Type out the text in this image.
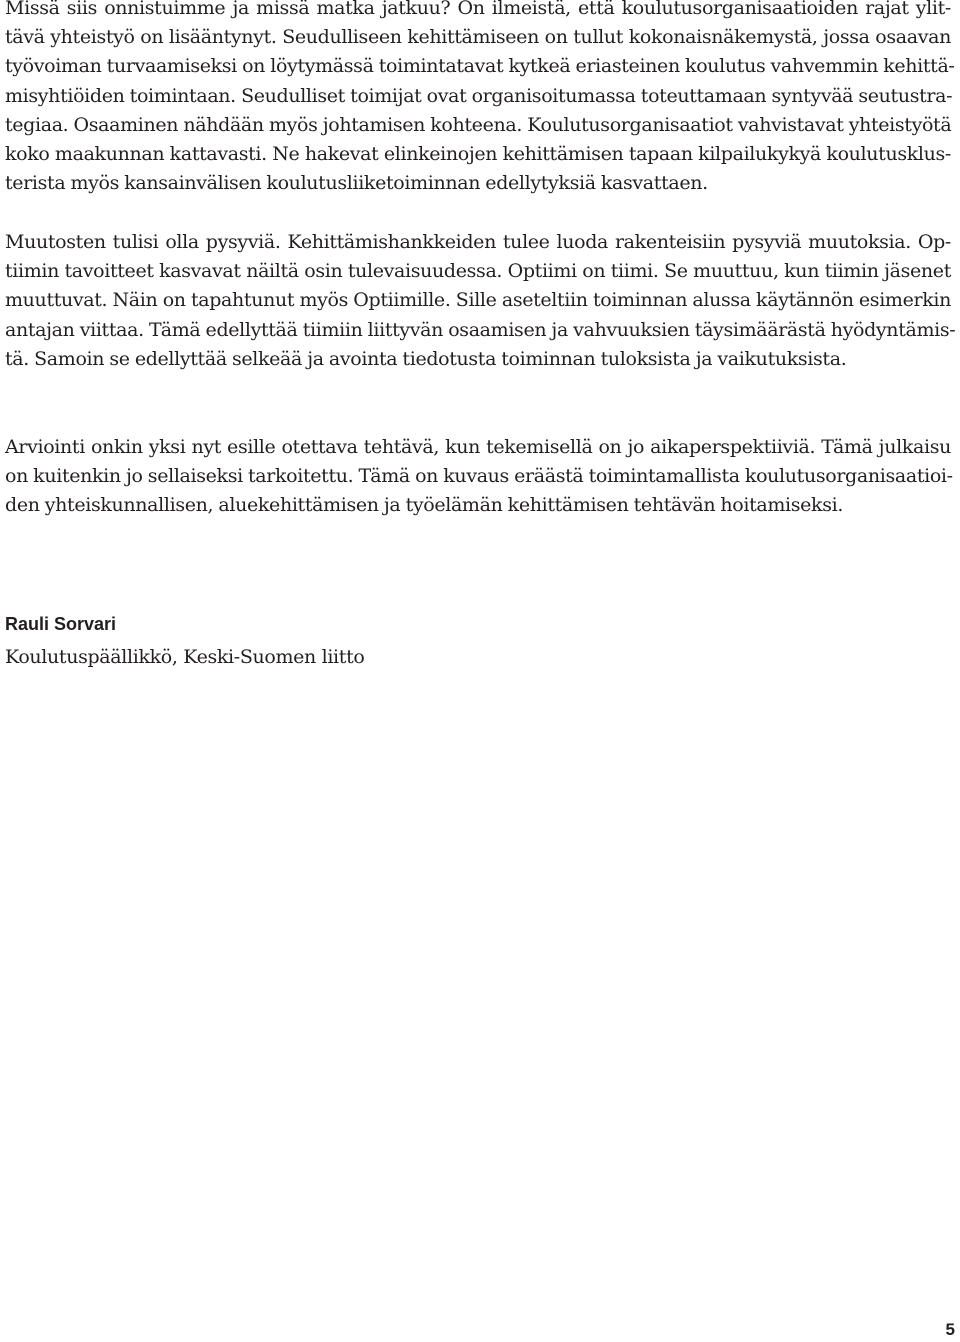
Missä siis onnistuimme ja missä matka jatkuu? On ilmeistä, että koulutusorganisaatioiden rajat ylit-
tävä yhteistyö on lisääntynyt. Seudulliseen kehittämiseen on tullut kokonaisnäkemystä, jossa osaavan
työvoiman turvaamiseksi on löytymässä toimintatavat kytkeä eriasteinen koulutus vahvemmin kehittä-
misyhtiöiden toimintaan. Seudulliset toimijat ovat organisoitumassa toteuttamaan syntyvää seutustra-
tegiaa. Osaaminen nähdään myös johtamisen kohteena. Koulutusorganisaatiot vahvistavat yhteistyötä
koko maakunnan kattavasti. Ne hakevat elinkeinojen kehittämisen tapaan kilpailukykyä koulutusklus-
terista myös kansainvälisen koulutusliiketoiminnan edellytyksiä kasvattaen.

Muutosten tulisi olla pysyviä. Kehittämishankkeiden tulee luoda rakenteisiin pysyviä muutoksia. Op-
tiimin tavoitteet kasvavat näiltä osin tulevaisuudessa. Optiimi on tiimi. Se muuttuu, kun tiimin jäsenet
muuttuvat. Näin on tapahtunut myös Optiimille. Sille aseteltiin toiminnan alussa käytännön esimerkin
antajan viittaa. Tämä edellyttää tiimiin liittyvän osaamisen ja vahvuuksien täysimäärästä hyödyntämis-
tä. Samoin se edellyttää selkeää ja avointa tiedotusta toiminnan tuloksista ja vaikutuksista.

Arviointi onkin yksi nyt esille otettava tehtävä, kun tekemisellä on jo aikaperspektiiviä. Tämä julkaisu
on kuitenkin jo sellaiseksi tarkoitettu. Tämä on kuvaus eräästä toimintamallista koulutusorganisaatioi-
den yhteiskunnallisen, aluekehittämisen ja työelämän kehittämisen tehtävän hoitamiseksi.

Rauli Sorvari

Koulutuspäällikkö, Keski-Suomen liitto

5
